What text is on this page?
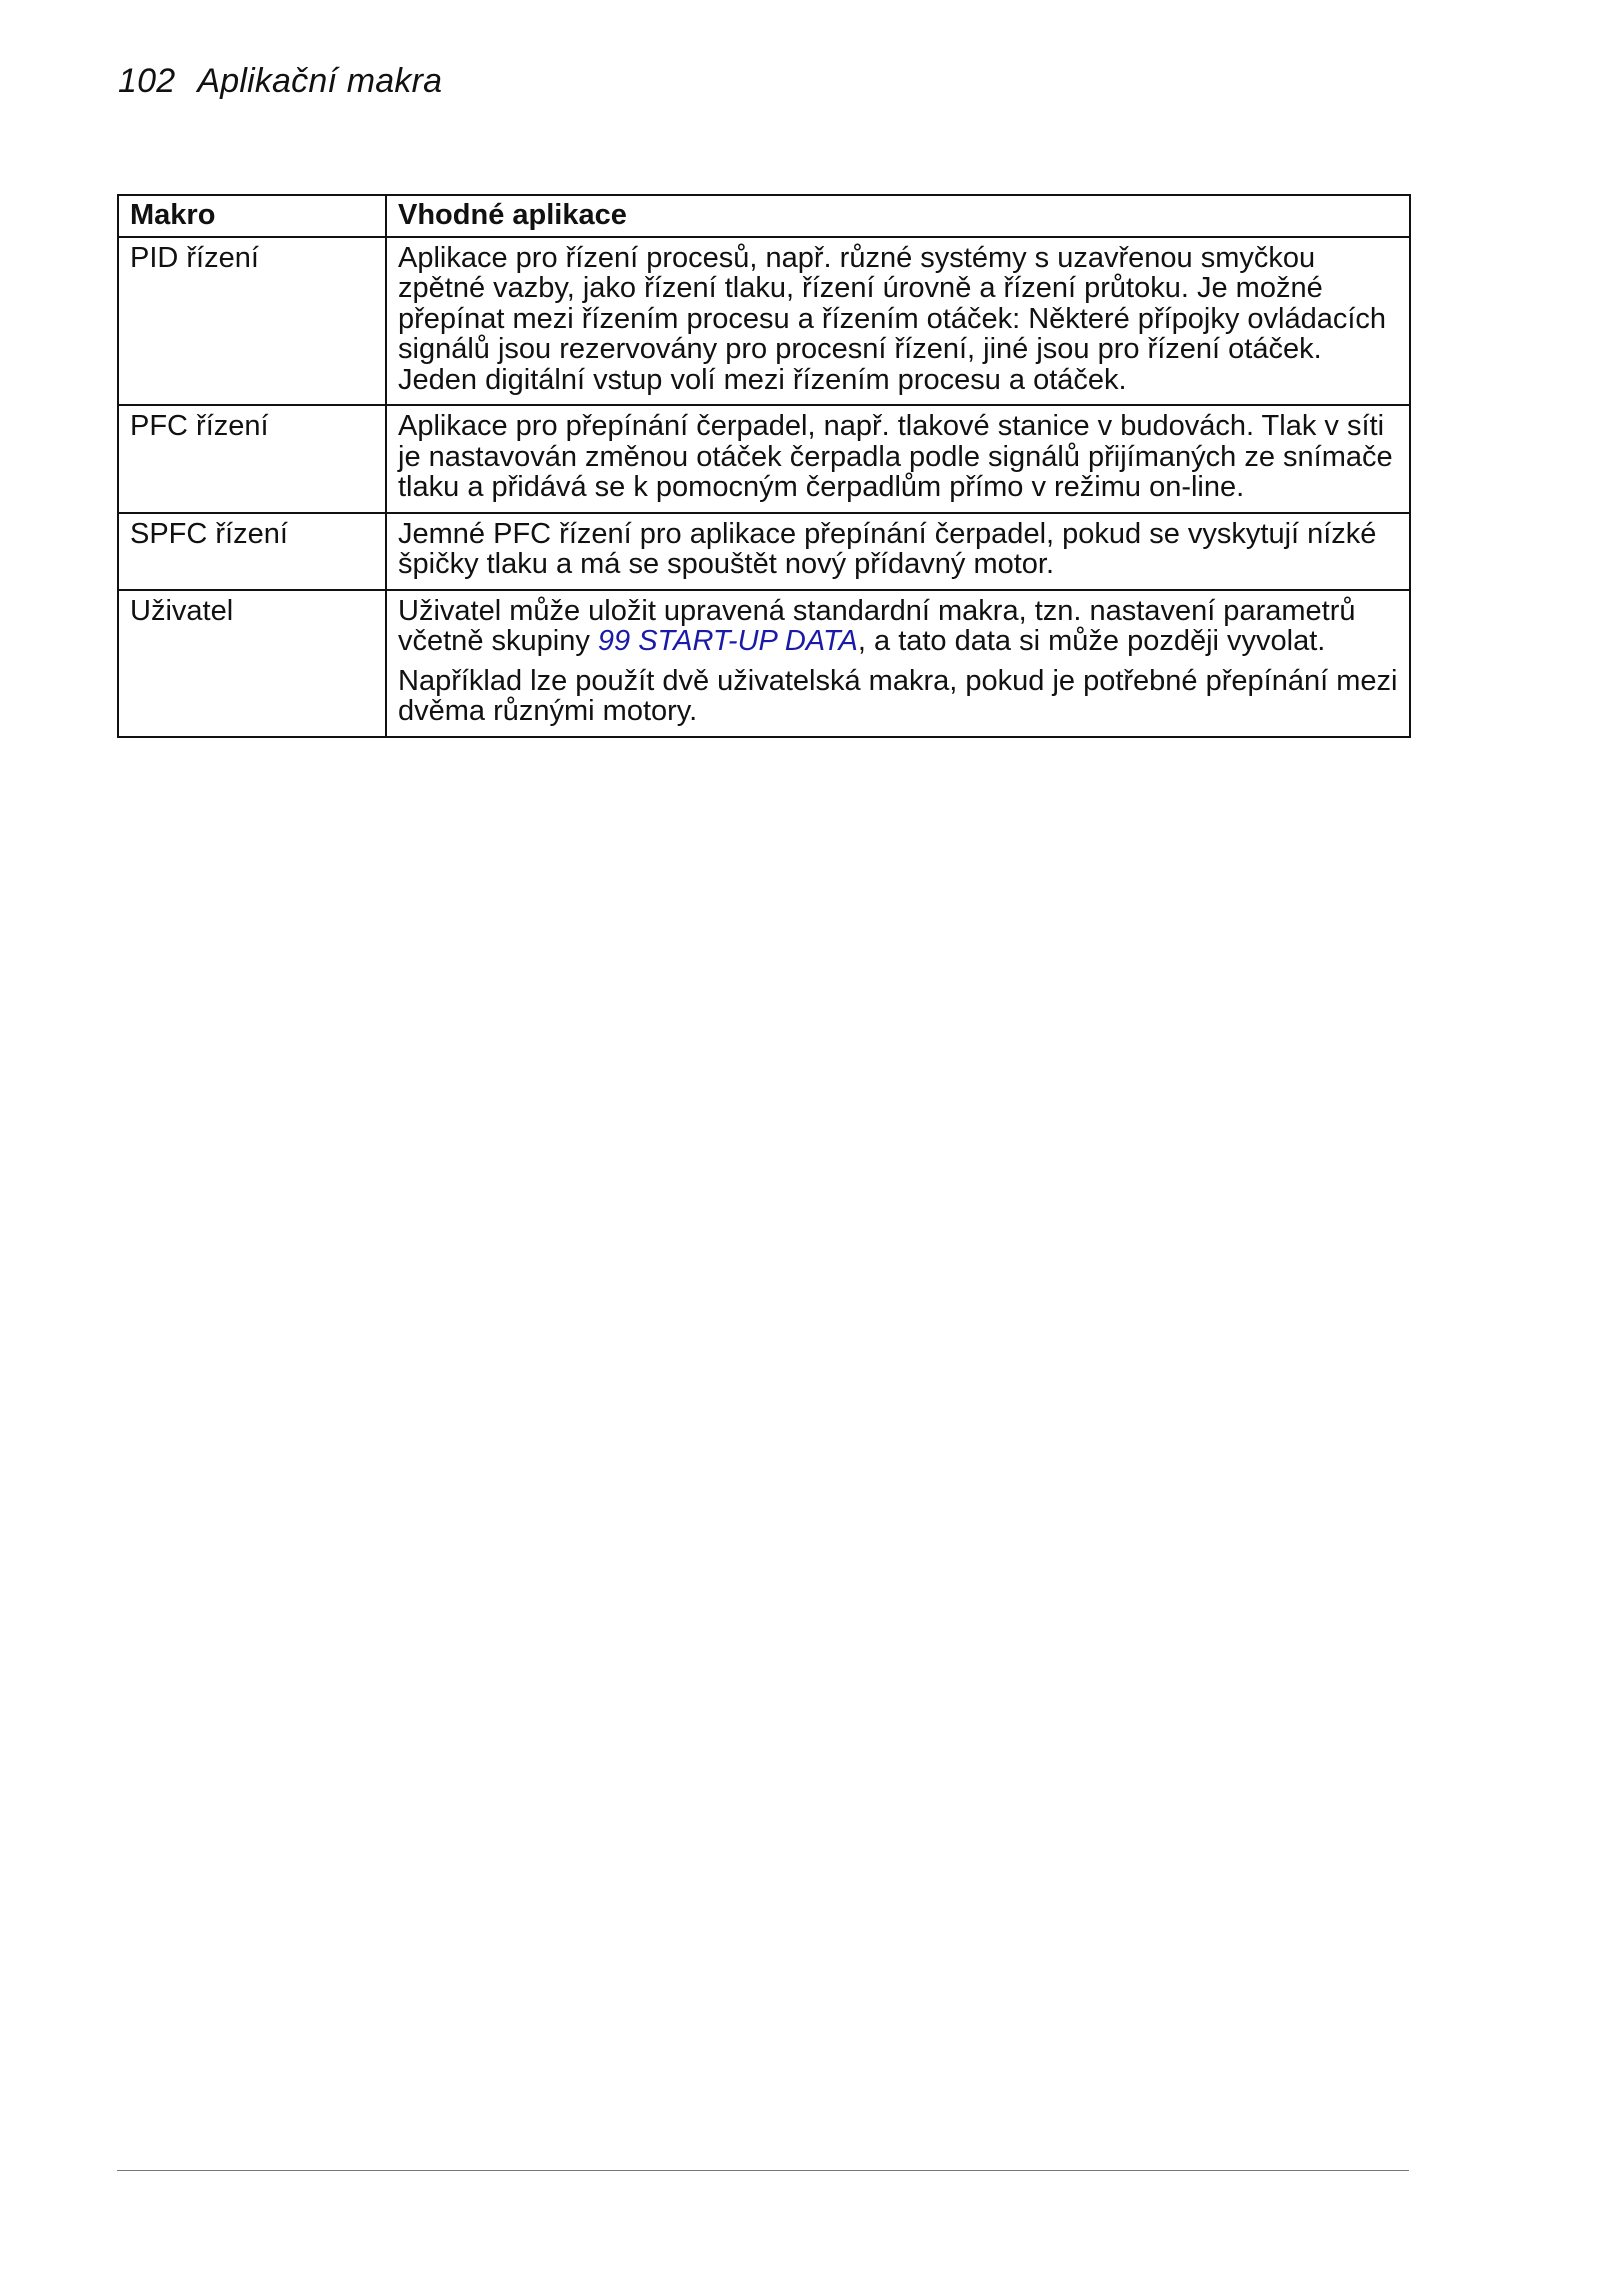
102 Aplikační makra
Makro	Vhodné aplikace
PID řízení	Aplikace pro řízení procesů, např. různé systémy s uzavřenou smyčkou zpětné vazby, jako řízení tlaku, řízení úrovně a řízení průtoku. Je možné přepínat mezi řízením procesu a řízením otáček: Některé přípojky ovládacích signálů jsou rezervovány pro procesní řízení, jiné jsou pro řízení otáček. Jeden digitální vstup volí mezi řízením procesu a otáček.

PFC řízení	Aplikace pro přepínání čerpadel, např. tlakové stanice v budovách. Tlak v síti je nastavován změnou otáček čerpadla podle signálů přijímaných ze snímače tlaku a přidává se k pomocným čerpadlům přímo v režimu on-line.

SPFC řízení	Jemné PFC řízení pro aplikace přepínání čerpadel, pokud se vyskytují nízké špičky tlaku a má se spouštět nový přídavný motor.

Uživatel	Uživatel může uložit upravená standardní makra, tzn. nastavení parametrů včetně skupiny 99 START-UP DATA, a tato data si může později vyvolat.

Například lze použít dvě uživatelská makra, pokud je potřebné přepínání mezi dvěma různými motory.
